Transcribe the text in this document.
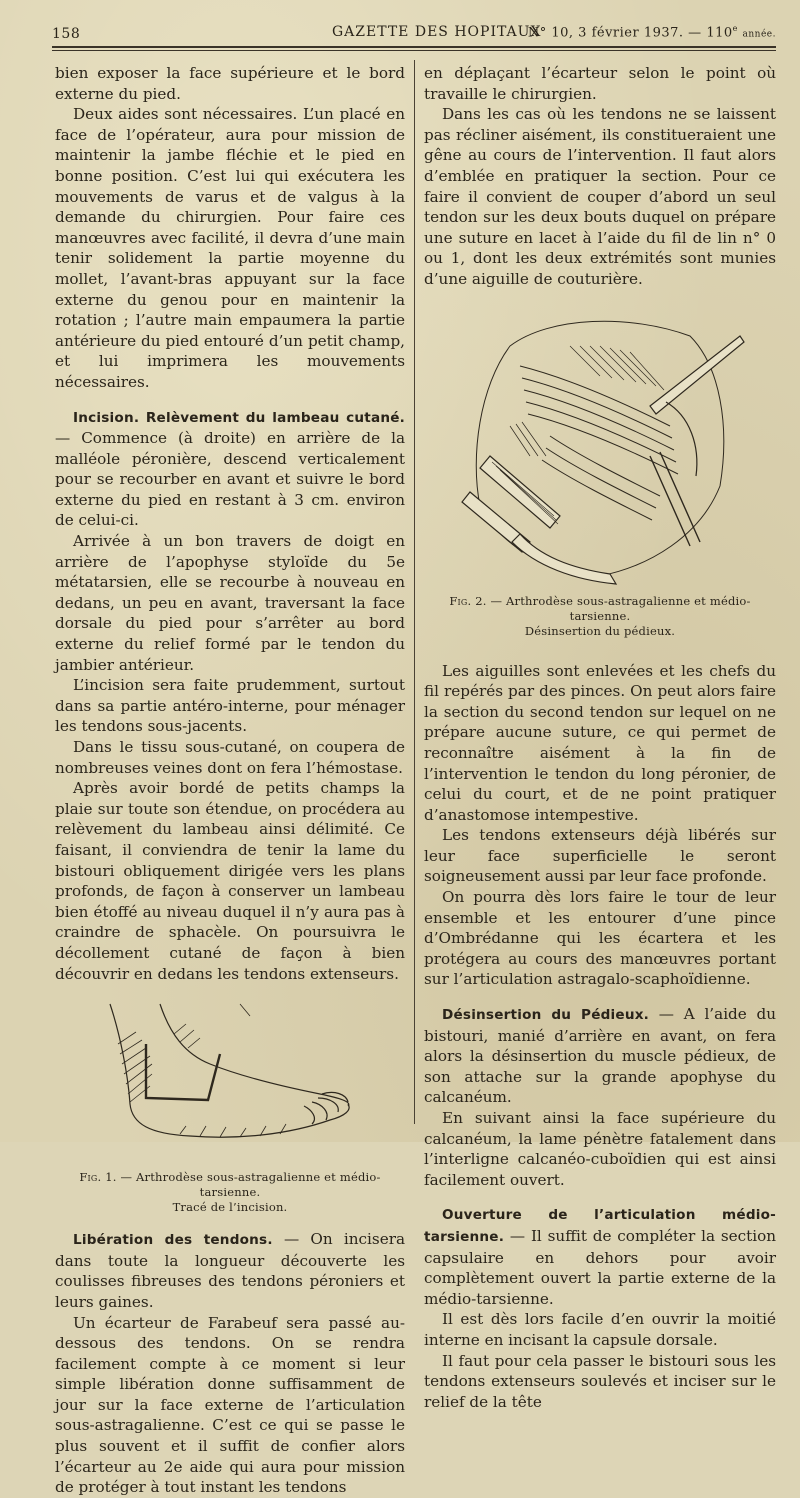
158	GAZETTE DES HOPITAUX
N° 10, 3 février 1937. — 110e année.

bien exposer la face supérieure et le bord externe du pied.

Deux aides sont nécessaires. L’un placé en face de l’opérateur, aura pour mission de maintenir la jambe fléchie et le pied en bonne position. C’est lui qui exécutera les mouvements de varus et de valgus à la demande du chirurgien. Pour faire ces manœuvres avec facilité, il devra d’une main tenir solidement la partie moyenne du mollet, l’avant-bras appuyant sur la face externe du genou pour en maintenir la rotation ; l’autre main empaumera la partie antérieure du pied entouré d’un petit champ, et lui imprimera les mouvements nécessaires.

Incision. Relèvement du lambeau cutané. — Commence (à droite) en arrière de la malléole péronière, descend verticalement pour se recourber en avant et suivre le bord externe du pied en restant à 3 cm. environ de celui-ci.

Arrivée à un bon travers de doigt en arrière de l’apophyse styloïde du 5e métatarsien, elle se recourbe à nouveau en dedans, un peu en avant, traversant la face dorsale du pied pour s’arrêter au bord externe du relief formé par le tendon du jambier antérieur.

L’incision sera faite prudemment, surtout dans sa partie antéro-interne, pour ménager les tendons sous-jacents.

Dans le tissu sous-cutané, on coupera de nombreuses veines dont on fera l’hémostase.

Après avoir bordé de petits champs la plaie sur toute son étendue, on procédera au relèvement du lambeau ainsi délimité. Ce faisant, il conviendra de tenir la lame du bistouri obliquement dirigée vers les plans profonds, de façon à conserver un lambeau bien étoffé au niveau duquel il n’y aura pas à craindre de sphacèle. On poursuivra le décollement cutané de façon à bien découvrir en dedans les tendons extenseurs.

Fig. 1. — Arthrodèse sous-astragalienne et médio-tarsienne.
Tracé de l’incision.

Libération des tendons. — On incisera dans toute la longueur découverte les coulisses fibreuses des tendons péroniers et leurs gaines.

Un écarteur de Farabeuf sera passé au-dessous des tendons. On se rendra facilement compte à ce moment si leur simple libération donne suffisamment de jour sur la face externe de l’articulation sous-astragalienne. C’est ce qui se passe le plus souvent et il suffit de confier alors l’écarteur au 2e aide qui aura pour mission de protéger à tout instant les tendons

en déplaçant l’écarteur selon le point où travaille le chirurgien.

Dans les cas où les tendons ne se laissent pas récliner aisément, ils constitueraient une gêne au cours de l’intervention. Il faut alors d’emblée en pratiquer la section. Pour ce faire il convient de couper d’abord un seul tendon sur les deux bouts duquel on prépare une suture en lacet à l’aide du fil de lin n° 0 ou 1, dont les deux extrémités sont munies d’une aiguille de couturière.

Fig. 2. — Arthrodèse sous-astragalienne et médio-tarsienne.
Désinsertion du pédieux.

Les aiguilles sont enlevées et les chefs du fil repérés par des pinces. On peut alors faire la section du second tendon sur lequel on ne prépare aucune suture, ce qui permet de reconnaître aisément à la fin de l’intervention le tendon du long péronier, de celui du court, et de ne point pratiquer d’anastomose intempestive.

Les tendons extenseurs déjà libérés sur leur face superficielle le seront soigneusement aussi par leur face profonde.

On pourra dès lors faire le tour de leur ensemble et les entourer d’une pince d’Ombrédanne qui les écartera et les protégera au cours des manœuvres portant sur l’articulation astragalo-scaphoïdienne.

Désinsertion du Pédieux. — A l’aide du bistouri, manié d’arrière en avant, on fera alors la désinsertion du muscle pédieux, de son attache sur la grande apophyse du calcanéum.

En suivant ainsi la face supérieure du calcanéum, la lame pénètre fatalement dans l’interligne calcanéo-cuboïdien qui est ainsi facilement ouvert.

Ouverture de l’articulation médio-tarsienne. — Il suffit de compléter la section capsulaire en dehors pour avoir complètement ouvert la partie externe de la médio-tarsienne.

Il est dès lors facile d’en ouvrir la moitié interne en incisant la capsule dorsale.

Il faut pour cela passer le bistouri sous les tendons extenseurs soulevés et inciser sur le relief de la tête
